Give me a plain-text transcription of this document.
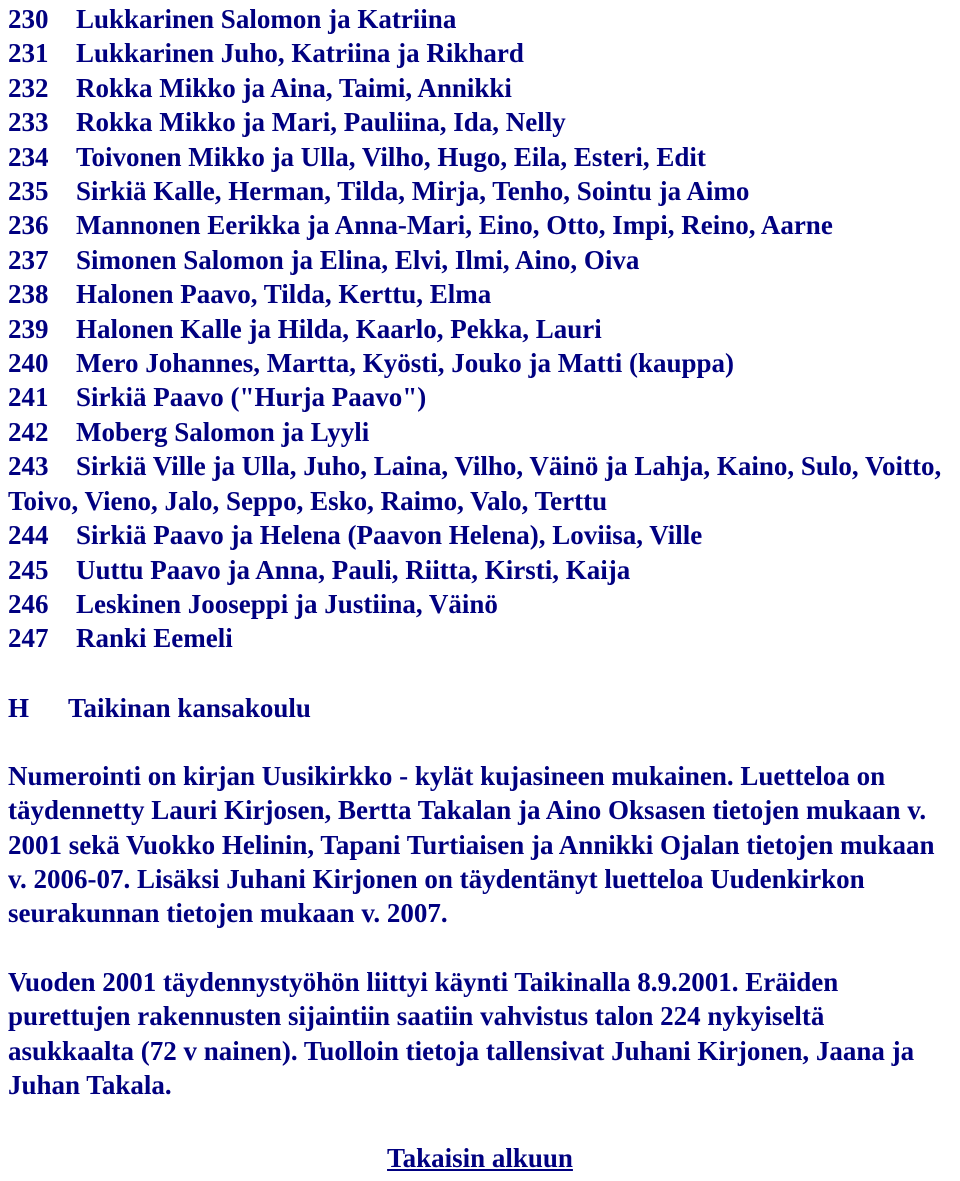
230 Lukkarinen Salomon ja Katriina
231 Lukkarinen Juho, Katriina ja Rikhard
232 Rokka Mikko ja Aina, Taimi, Annikki
233 Rokka Mikko ja Mari, Pauliina, Ida, Nelly
234 Toivonen Mikko ja Ulla, Vilho, Hugo, Eila, Esteri, Edit
235 Sirkiä Kalle, Herman, Tilda, Mirja, Tenho, Sointu ja Aimo
236 Mannonen Eerikka ja Anna-Mari, Eino, Otto, Impi, Reino, Aarne
237 Simonen Salomon ja Elina, Elvi, Ilmi, Aino, Oiva
238 Halonen Paavo, Tilda, Kerttu, Elma
239 Halonen Kalle ja Hilda, Kaarlo, Pekka, Lauri
240 Mero Johannes, Martta, Kyösti, Jouko ja Matti (kauppa)
241 Sirkiä Paavo ("Hurja Paavo")
242 Moberg Salomon ja Lyyli
243 Sirkiä Ville ja Ulla, Juho, Laina, Vilho, Väinö ja Lahja, Kaino, Sulo, Voitto, Toivo, Vieno, Jalo, Seppo, Esko, Raimo, Valo, Terttu
244 Sirkiä Paavo ja Helena (Paavon Helena), Loviisa, Ville
245 Uuttu Paavo ja Anna, Pauli, Riitta, Kirsti, Kaija
246 Leskinen Jooseppi ja Justiina, Väinö
247 Ranki Eemeli
H Taikinan kansakoulu
Numerointi on kirjan Uusikirkko - kylät kujasineen mukainen. Luetteloa on täydennetty Lauri Kirjosen, Bertta Takalan ja Aino Oksasen tietojen mukaan v. 2001 sekä Vuokko Helinin, Tapani Turtiaisen ja Annikki Ojalan tietojen mukaan v. 2006-07. Lisäksi Juhani Kirjonen on täydentänyt luetteloa Uudenkirkon seurakunnan tietojen mukaan v. 2007.
Vuoden 2001 täydennystyöhön liittyi käynti Taikinalla 8.9.2001. Eräiden purettujen rakennusten sijaintiin saatiin vahvistus talon 224 nykyiseltä asukkaalta (72 v nainen). Tuolloin tietoja tallensivat Juhani Kirjonen, Jaana ja Juhan Takala.
Takaisin alkuun
